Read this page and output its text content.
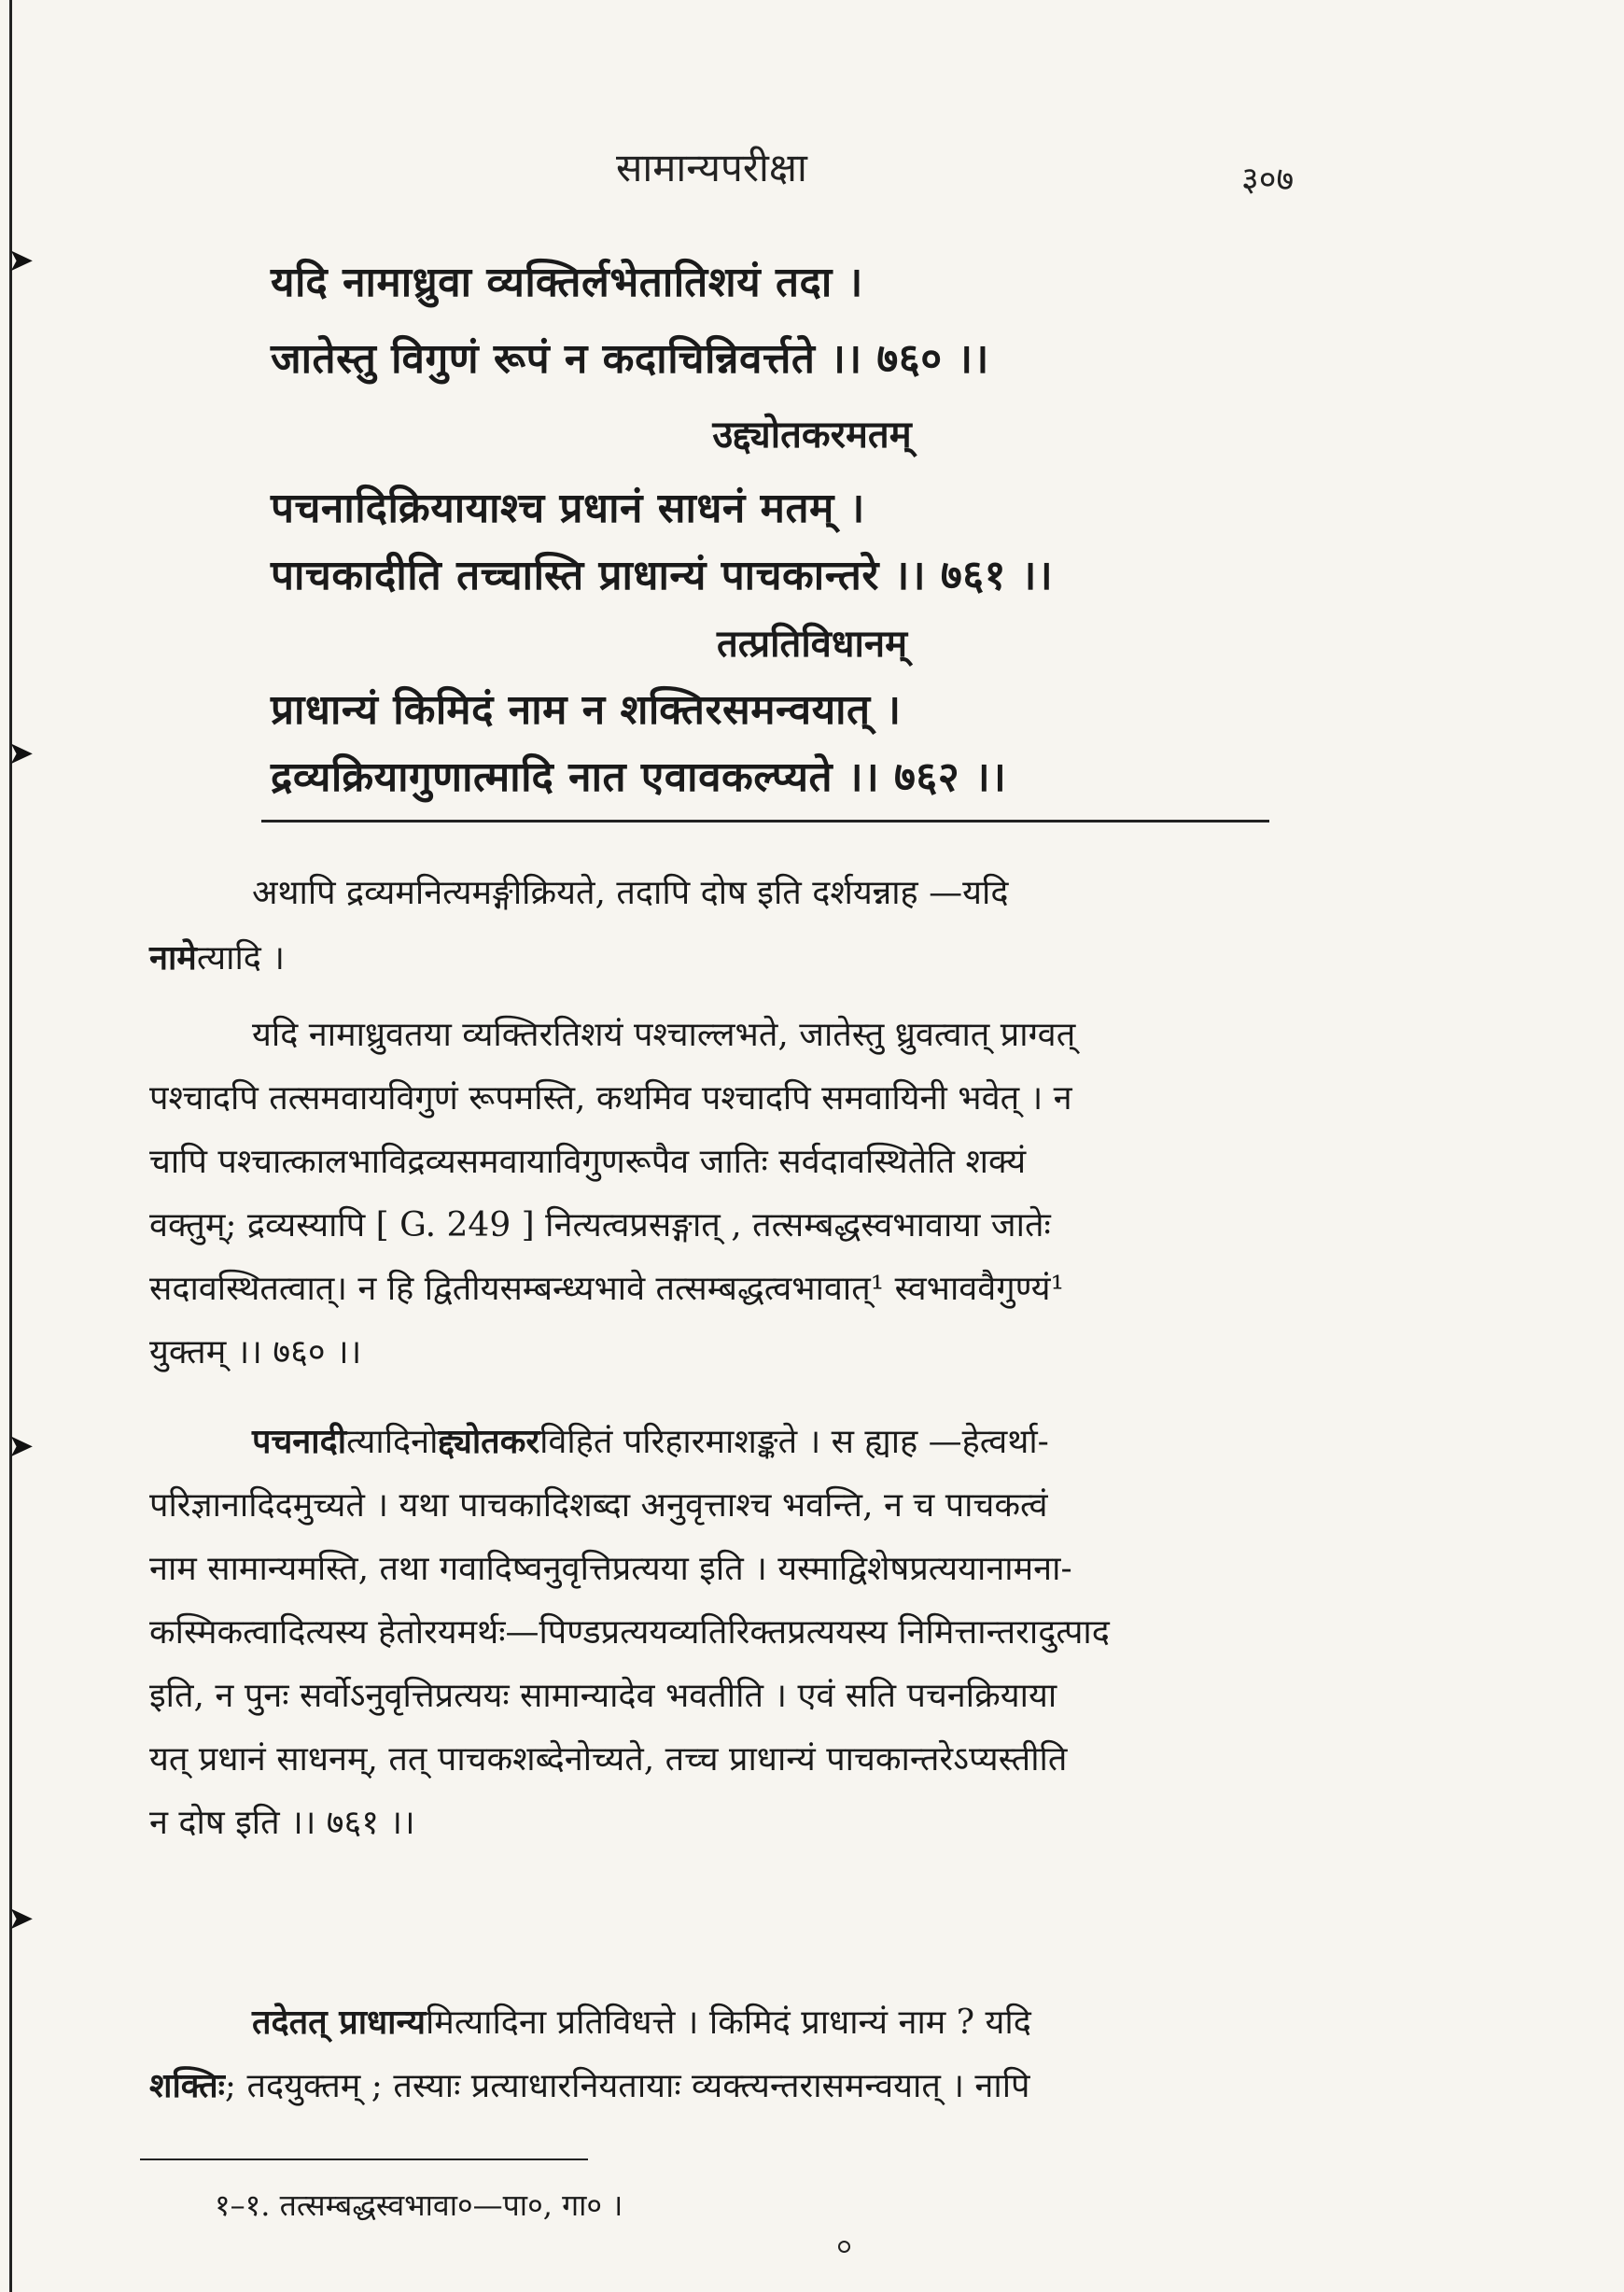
➤
➤
➤
➤
सामान्यपरीक्षा	३०७
यदि नामाध्रुवा व्यक्तिर्लभेतातिशयं तदा ।
जातेस्तु विगुणं रूपं न कदाचिन्निवर्त्तते ।। ७६० ।।
उद्द्योतकरमतम्
पचनादिक्रियायाश्च प्रधानं साधनं मतम् ।
पाचकादीति तच्चास्ति प्राधान्यं पाचकान्तरे ।। ७६१ ।।
तत्प्रतिविधानम्
प्राधान्यं किमिदं नाम न शक्तिरसमन्वयात् ।
द्रव्यक्रियागुणात्मादि नात एवावकल्प्यते ।। ७६२ ।।
अथापि द्रव्यमनित्यमङ्गीक्रियते, तदापि दोष इति दर्शयन्नाह —यदि
नामेत्यादि ।
यदि नामाध्रुवतया व्यक्तिरतिशयं पश्चाल्लभते, जातेस्तु ध्रुवत्वात् प्राग्वत्
पश्चादपि तत्समवायविगुणं रूपमस्ति, कथमिव पश्चादपि समवायिनी भवेत् । न
चापि पश्चात्कालभाविद्रव्यसमवायाविगुणरूपैव जातिः सर्वदावस्थितेति शक्यं
वक्तुम्; द्रव्यस्यापि [ G. 249 ] नित्यत्वप्रसङ्गात् , तत्सम्बद्धस्वभावाया जातेः
सदावस्थितत्वात्। न हि द्वितीयसम्बन्ध्यभावे तत्सम्बद्धत्वभावात्¹ स्वभाववैगुण्यं¹
युक्तम् ।। ७६० ।।
पचनादीत्यादिनोद्द्योतकरविहितं परिहारमाशङ्कते । स ह्याह —हेत्वर्था-
परिज्ञानादिदमुच्यते । यथा पाचकादिशब्दा अनुवृत्ताश्च भवन्ति, न च पाचकत्वं
नाम सामान्यमस्ति, तथा गवादिष्वनुवृत्तिप्रत्यया इति । यस्माद्विशेषप्रत्ययानामना-
कस्मिकत्वादित्यस्य हेतोरयमर्थः—पिण्डप्रत्ययव्यतिरिक्तप्रत्ययस्य निमित्तान्तरादुत्पाद
इति, न पुनः सर्वोऽनुवृत्तिप्रत्ययः सामान्यादेव भवतीति । एवं सति पचनक्रियाया
यत् प्रधानं साधनम्, तत् पाचकशब्देनोच्यते, तच्च प्राधान्यं पाचकान्तरेऽप्यस्तीति
न दोष इति ।। ७६१ ।।
तदेतत् प्राधान्यमित्यादिना प्रतिविधत्ते । किमिदं प्राधान्यं नाम ? यदि
शक्तिः; तदयुक्तम् ; तस्याः प्रत्याधारनियतायाः व्यक्त्यन्तरासमन्वयात् । नापि
१–१. तत्सम्बद्धस्वभावा०—पा०, गा० ।
